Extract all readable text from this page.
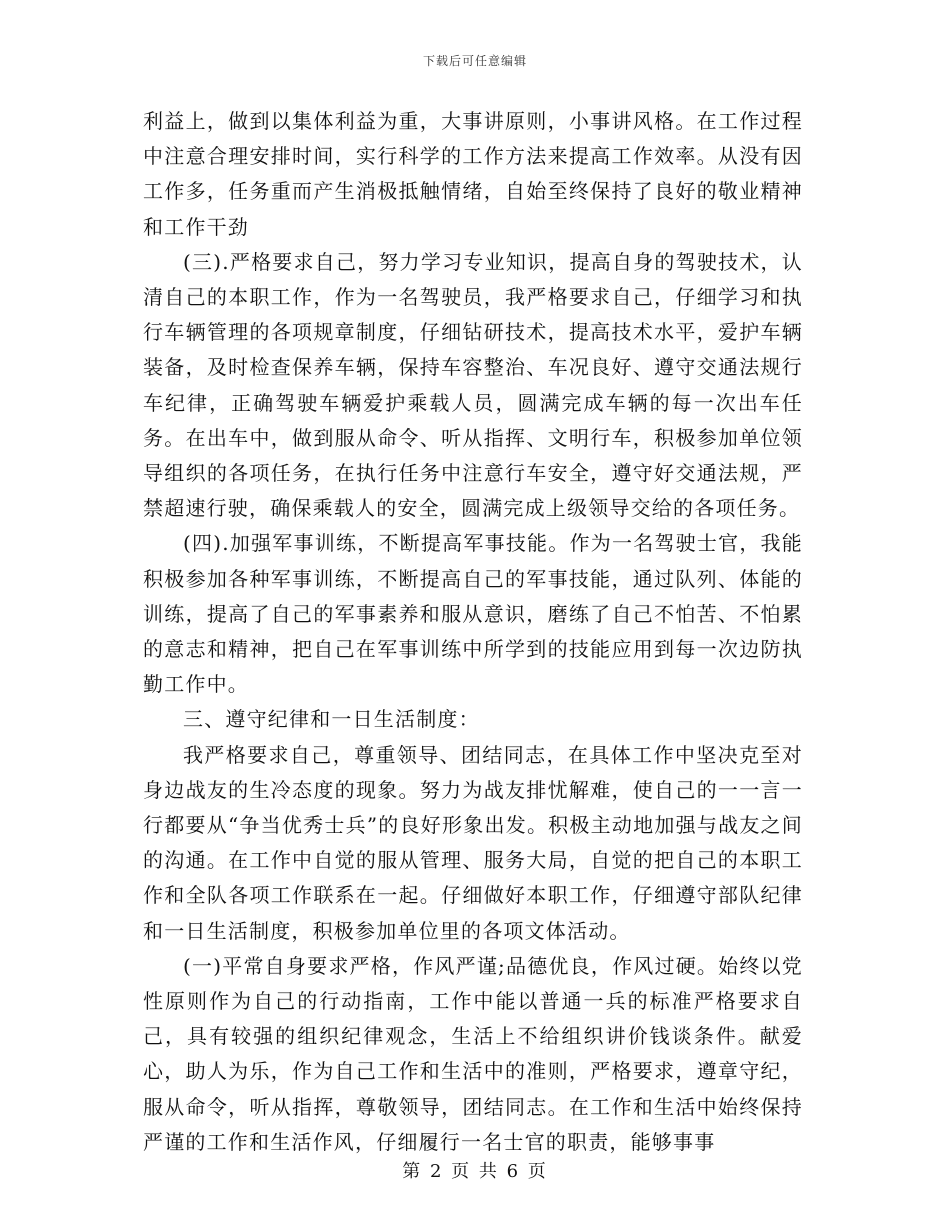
下载后可任意编辑

利益上，做到以集体利益为重，大事讲原则，小事讲风格。在工作过程中注意合理安排时间，实行科学的工作方法来提高工作效率。从没有因工作多，任务重而产生消极抵触情绪，自始至终保持了良好的敬业精神和工作干劲

(三).严格要求自己，努力学习专业知识，提高自身的驾驶技术，认清自己的本职工作，作为一名驾驶员，我严格要求自己，仔细学习和执行车辆管理的各项规章制度，仔细钻研技术，提高技术水平，爱护车辆装备，及时检查保养车辆，保持车容整治、车况良好、遵守交通法规行车纪律，正确驾驶车辆爱护乘载人员，圆满完成车辆的每一次出车任务。在出车中，做到服从命令、听从指挥、文明行车，积极参加单位领导组织的各项任务，在执行任务中注意行车安全，遵守好交通法规，严禁超速行驶，确保乘载人的安全，圆满完成上级领导交给的各项任务。

(四).加强军事训练，不断提高军事技能。作为一名驾驶士官，我能积极参加各种军事训练，不断提高自己的军事技能，通过队列、体能的训练，提高了自己的军事素养和服从意识，磨练了自己不怕苦、不怕累的意志和精神，把自己在军事训练中所学到的技能应用到每一次边防执勤工作中。

三、遵守纪律和一日生活制度：

我严格要求自己，尊重领导、团结同志，在具体工作中坚决克至对身边战友的生冷态度的现象。努力为战友排忧解难，使自己的一一言一行都要从“争当优秀士兵”的良好形象出发。积极主动地加强与战友之间的沟通。在工作中自觉的服从管理、服务大局，自觉的把自己的本职工作和全队各项工作联系在一起。仔细做好本职工作，仔细遵守部队纪律和一日生活制度，积极参加单位里的各项文体活动。

(一)平常自身要求严格，作风严谨;品德优良，作风过硬。始终以党性原则作为自己的行动指南，工作中能以普通一兵的标准严格要求自己，具有较强的组织纪律观念，生活上不给组织讲价钱谈条件。献爱心，助人为乐，作为自己工作和生活中的准则，严格要求，遵章守纪，服从命令，听从指挥，尊敬领导，团结同志。在工作和生活中始终保持严谨的工作和生活作风，仔细履行一名士官的职责，能够事事

第 2 页 共 6 页
